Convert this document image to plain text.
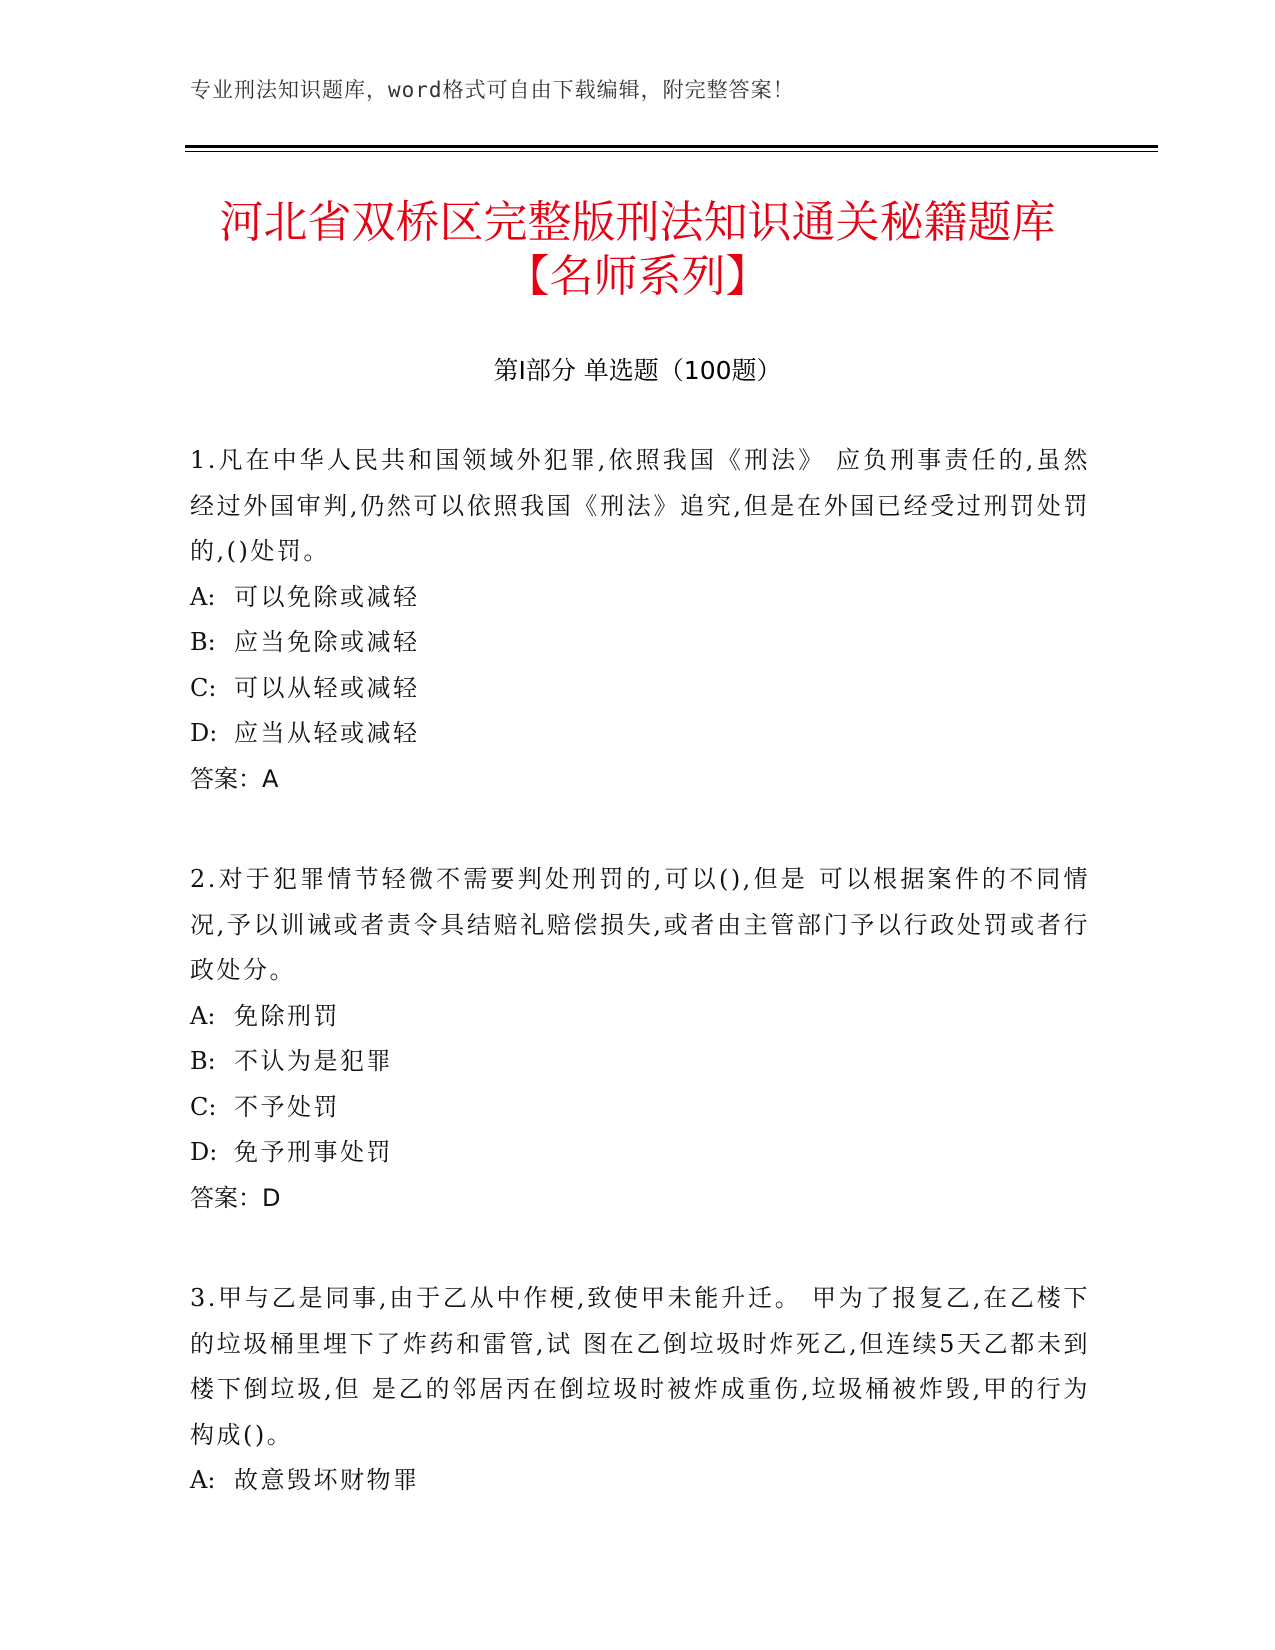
专业刑法知识题库，word格式可自由下载编辑，附完整答案！
河北省双桥区完整版刑法知识通关秘籍题库
【名师系列】
第I部分 单选题（100题）

1.凡在中华人民共和国领域外犯罪,依照我国《刑法》 应负刑事责任的,虽然经过外国审判,仍然可以依照我国《刑法》追究,但是在外国已经受过刑罚处罚的,()处罚。

A: 可以免除或减轻

B: 应当免除或减轻

C: 可以从轻或减轻

D: 应当从轻或减轻

答案：A

2.对于犯罪情节轻微不需要判处刑罚的,可以(),但是 可以根据案件的不同情况,予以训诫或者责令具结赔礼赔偿损失,或者由主管部门予以行政处罚或者行政处分。

A: 免除刑罚

B: 不认为是犯罪

C: 不予处罚

D: 免予刑事处罚

答案：D

3.甲与乙是同事,由于乙从中作梗,致使甲未能升迁。 甲为了报复乙,在乙楼下的垃圾桶里埋下了炸药和雷管,试 图在乙倒垃圾时炸死乙,但连续5天乙都未到楼下倒垃圾,但 是乙的邻居丙在倒垃圾时被炸成重伤,垃圾桶被炸毁,甲的行为构成()。

A: 故意毁坏财物罪
